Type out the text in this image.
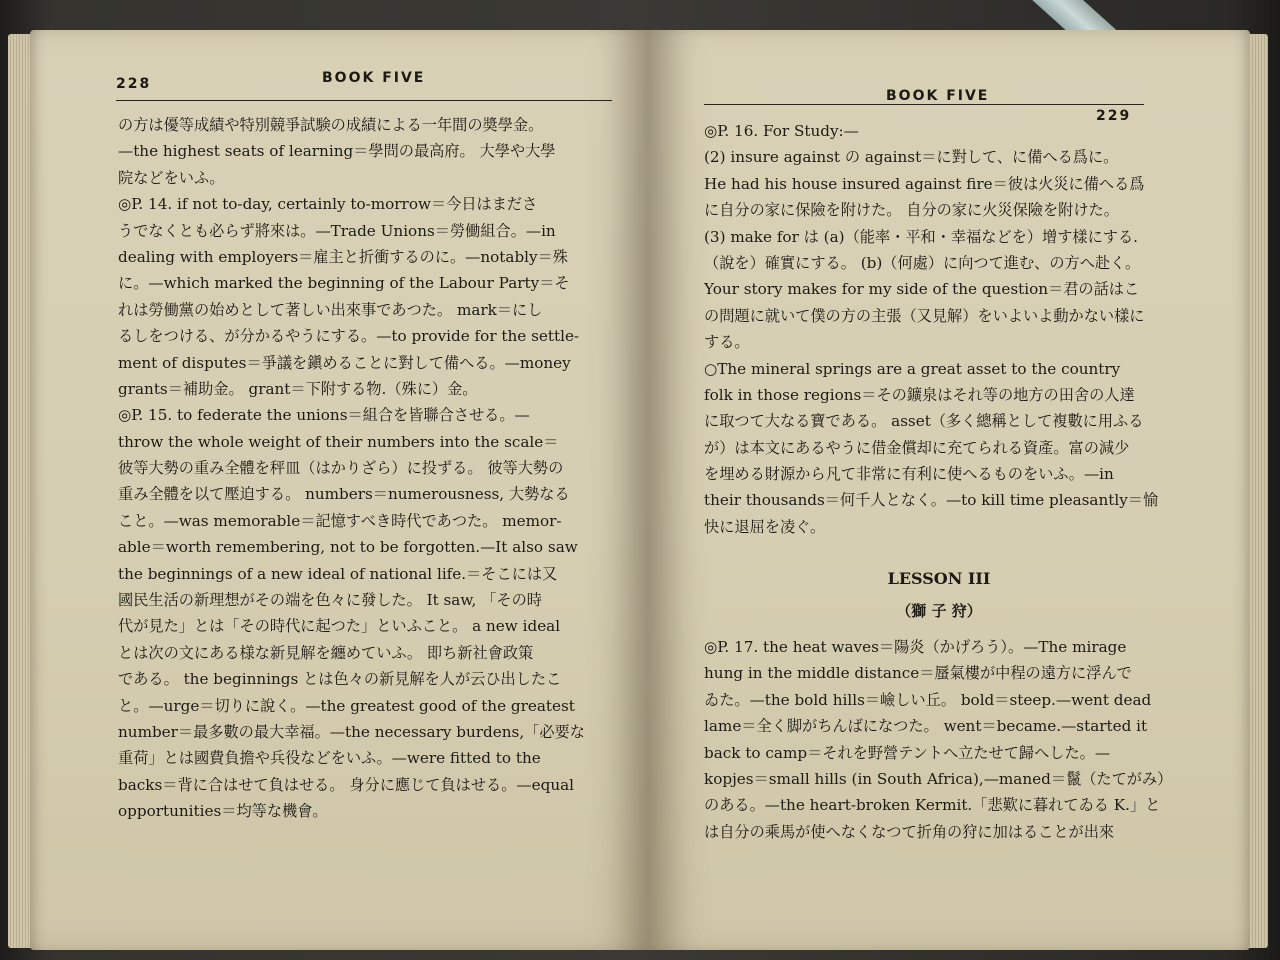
228	BOOK FIVE
の方は優等成績や特別競爭試験の成績による一年間の奬學金。
—the highest seats of learning＝學問の最高府。 大學や大學
院などをいふ。
◎P. 14. if not to-day, certainly to-morrow＝今日はまださ
うでなくとも必らず將來は。—Trade Unions＝勞働組合。—in
dealing with employers＝雇主と折衝するのに。—notably＝殊
に。—which marked the beginning of the Labour Party＝そ
れは勞働黨の始めとして著しい出來事であつた。 mark＝にし
るしをつける、が分かるやうにする。—to provide for the settle-
ment of disputes＝爭議を鎭めることに對して備へる。—money
grants＝補助金。 grant＝下附する物.（殊に）金。
◎P. 15. to federate the unions＝組合を皆聯合させる。—
throw the whole weight of their numbers into the scale＝
彼等大勢の重み全體を秤皿（はかりざら）に投ずる。 彼等大勢の
重み全體を以て壓迫する。 numbers＝numerousness, 大勢なる
こと。—was memorable＝記憶すべき時代であつた。 memor-
able＝worth remembering, not to be forgotten.—It also saw
the beginnings of a new ideal of national life.＝そこには又
國民生活の新理想がその端を色々に發した。 It saw, 「その時
代が見た」とは「その時代に起つた」といふこと。 a new ideal
とは次の文にある様な新見解を纏めていふ。 即ち新社會政策
である。 the beginnings とは色々の新見解を人が云ひ出したこ
と。—urge＝切りに說く。—the greatest good of the greatest
number＝最多數の最大幸福。—the necessary burdens,「必要な
重荷」とは國費負擔や兵役などをいふ。—were fitted to the
backs＝背に合はせて負はせる。 身分に應じて負はせる。—equal
opportunities＝均等な機會。
BOOK FIVE
229
◎P. 16. For Study:—
(2) insure against の against＝に對して、に備へる爲に。
He had his house insured against fire＝彼は火災に備へる爲
に自分の家に保險を附けた。 自分の家に火災保險を附けた。
(3) make for は (a)（能率・平和・幸福などを）增す樣にする.
（說を）確實にする。 (b)（何處）に向つて進む、の方へ赴く。
Your story makes for my side of the question＝君の話はこ
の問題に就いて僕の方の主張（又見解）をいよいよ動かない樣に
する。
○The mineral springs are a great asset to the country
folk in those regions＝その鑛泉はそれ等の地方の田舍の人達
に取つて大なる寶である。 asset（多く總稱として複數に用ふる
が）は本文にあるやうに借金償却に充てられる資產。富の減少
を埋める財源から凡て非常に有利に使へるものをいふ。—in
their thousands＝何千人となく。—to kill time pleasantly＝愉
快に退屈を凌ぐ。
LESSON III
（獅 子 狩）
◎P. 17. the heat waves＝陽炎（かげろう）。—The mirage
hung in the middle distance＝蜃氣樓が中程の遠方に浮んで
ゐた。—the bold hills＝嶮しい丘。 bold＝steep.—went dead
lame＝全く脚がちんばになつた。 went＝became.—started it
back to camp＝それを野營テントへ立たせて歸へした。—
kopjes＝small hills (in South Africa),—maned＝鬣（たてがみ）
のある。—the heart-broken Kermit.「悲歎に暮れてゐる K.」と
は自分の乘馬が使へなくなつて折角の狩に加はることが出來
